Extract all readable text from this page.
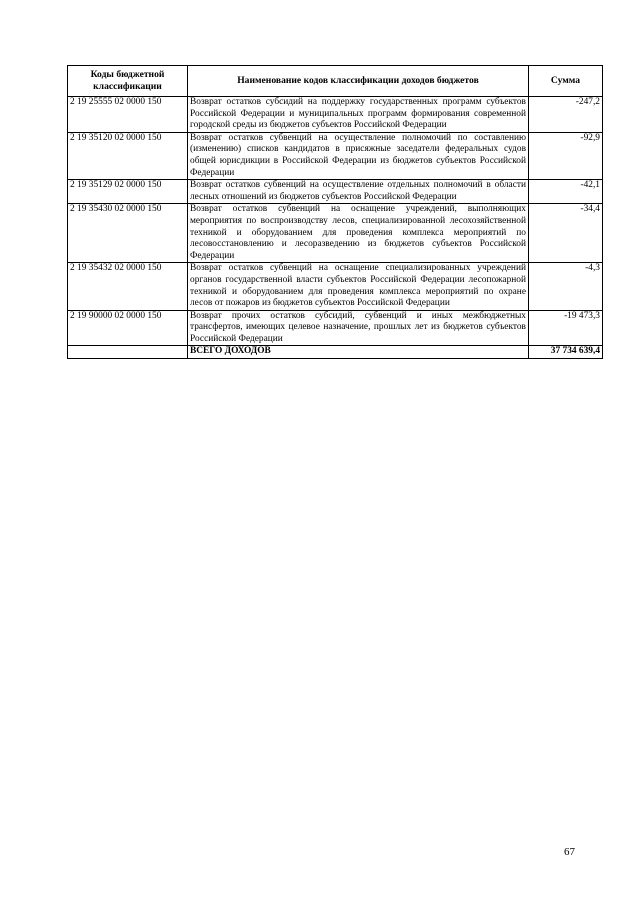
Коды бюджетной классификации	Наименование кодов классификации доходов бюджетов	Сумма
2 19 25555 02 0000 150	Возврат остатков субсидий на поддержку государственных программ субъектов Российской Федерации и муниципальных программ формирования современной городской среды из бюджетов субъектов Российской Федерации	-247,2
2 19 35120 02 0000 150	Возврат остатков субвенций на осуществление полномочий по составлению (изменению) списков кандидатов в присяжные заседатели федеральных судов общей юрисдикции в Российской Федерации из бюджетов субъектов Российской Федерации	-92,9
2 19 35129 02 0000 150	Возврат остатков субвенций на осуществление отдельных полномочий в области лесных отношений из бюджетов субъектов Российской Федерации	-42,1
2 19 35430 02 0000 150	Возврат остатков субвенций на оснащение учреждений, выполняющих мероприятия по воспроизводству лесов, специализированной лесохозяйственной техникой и оборудованием для проведения комплекса мероприятий по лесовосстановлению и лесоразведению из бюджетов субъектов Российской Федерации	-34,4
2 19 35432 02 0000 150	Возврат остатков субвенций на оснащение специализированных учреждений органов государственной власти субъектов Российской Федерации лесопожарной техникой и оборудованием для проведения комплекса мероприятий по охране лесов от пожаров из бюджетов субъектов Российской Федерации	-4,3
2 19 90000 02 0000 150	Возврат прочих остатков субсидий, субвенций и иных межбюджетных трансфертов, имеющих целевое назначение, прошлых лет из бюджетов субъектов Российской Федерации	-19 473,3
	ВСЕГО ДОХОДОВ	37 734 639,4
67
